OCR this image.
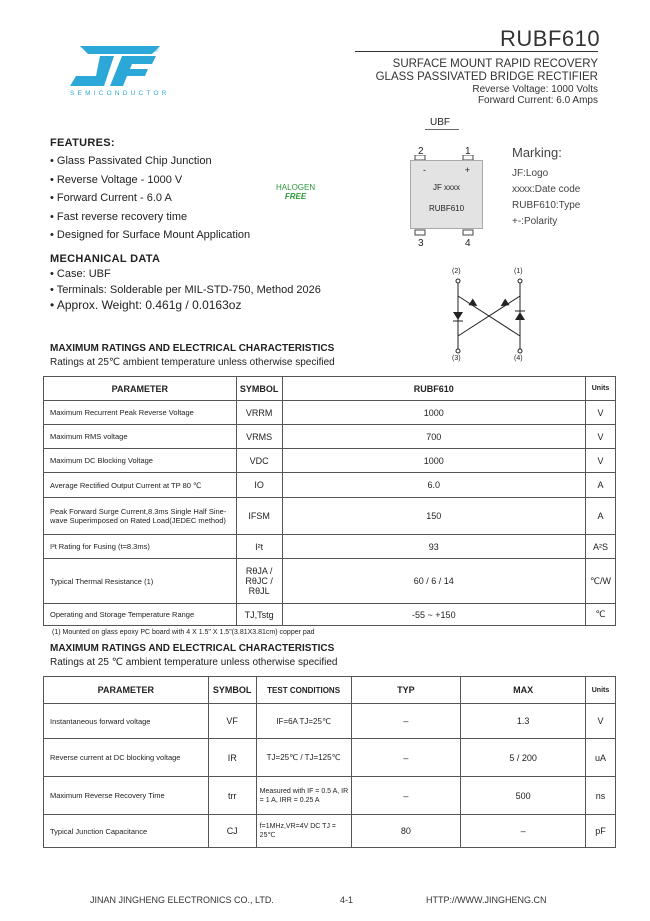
®
SEMICONDUCTOR
RUBF610
SURFACE MOUNT RAPID RECOVERY
GLASS PASSIVATED BRIDGE RECTIFIER
Reverse Voltage: 1000 Volts
Forward Current: 6.0 Amps
UBF
2	1
-	+
JF xxxx
RUBF610
3	4
Marking:
JF:Logo
xxxx:Date code
RUBF610:Type
+-:Polarity
(2)	(1)
(3)	(4)
FEATURES:
• Glass Passivated Chip Junction
• Reverse Voltage - 1000 V
• Forward Current - 6.0 A
• Fast reverse recovery time
• Designed for Surface Mount Application
HALOGEN
FREE
MECHANICAL DATA
• Case: UBF
• Terminals: Solderable per MIL-STD-750, Method 2026
• Approx. Weight: 0.461g / 0.0163oz
MAXIMUM RATINGS AND ELECTRICAL CHARACTERISTICS
Ratings at 25℃ ambient temperature unless otherwise specified
PARAMETER	SYMBOL	RUBF610	Units
Maximum Recurrent Peak Reverse Voltage	VRRM	1000	V
Maximum RMS voltage	VRMS	700	V
Maximum DC Blocking Voltage	VDC	1000	V
Average Rectified Output Current at TP 80 ℃	IO	6.0	A
Peak Forward Surge Current,8.3ms Single Half Sine-wave Superimposed on Rated Load(JEDEC method)	IFSM	150	A
I²t Rating for Fusing (t=8.3ms)	I²t	93	A²S
Typical Thermal Resistance (1)	RθJA / RθJC / RθJL	60 / 6 / 14	℃/W
Operating and Storage Temperature Range	TJ,Tstg	-55 ~ +150	℃
(1) Mounted on glass epoxy PC board with 4 X 1.5" X 1.5"(3.81X3.81cm) copper pad
MAXIMUM RATINGS AND ELECTRICAL CHARACTERISTICS
Ratings at 25 ℃ ambient temperature unless otherwise specified
PARAMETER	SYMBOL	TEST CONDITIONS	TYP	MAX	Units
Instantaneous forward voltage	VF	IF=6A TJ=25℃	–	1.3	V
Reverse current at DC blocking voltage	IR	TJ=25℃ / TJ=125℃	–	5 / 200	uA
Maximum Reverse Recovery Time	trr	Measured with IF = 0.5 A, IR = 1 A, IRR = 0.25 A	–	500	ns
Typical Junction Capacitance	CJ	f=1MHz,VR=4V DC TJ = 25℃	80	–	pF
JINAN JINGHENG ELECTRONICS CO., LTD.	4-1	HTTP://WWW.JINGHENG.CN
